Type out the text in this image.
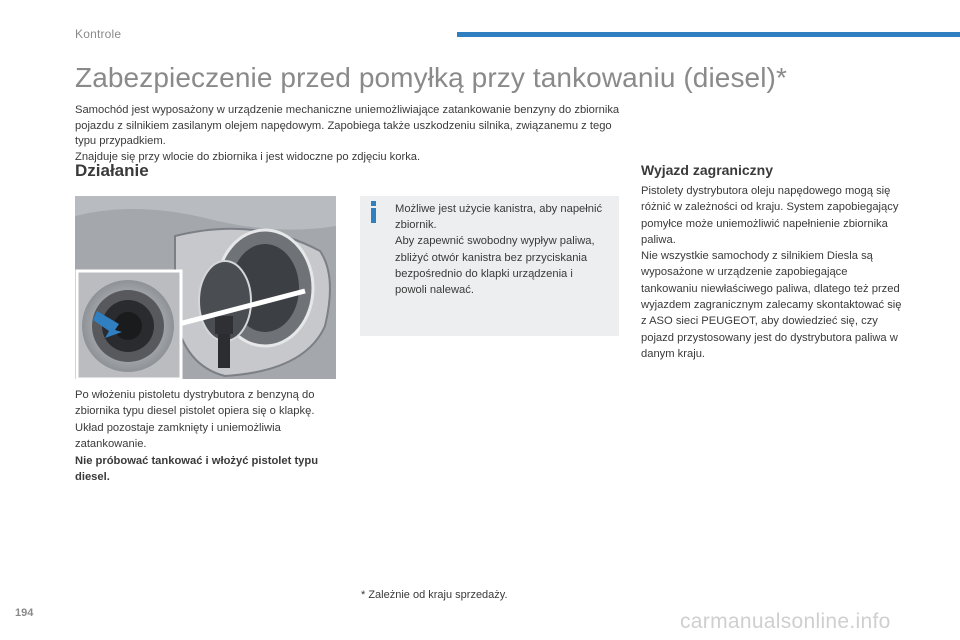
Kontrole
Zabezpieczenie przed pomyłką przy tankowaniu (diesel)*

Samochód jest wyposażony w urządzenie mechaniczne uniemożliwiające zatankowanie benzyny do zbiornika pojazdu z silnikiem zasilanym olejem napędowym. Zapobiega także uszkodzeniu silnika, związanemu z tego typu przypadkiem.

Znajduje się przy wlocie do zbiornika i jest widoczne po zdjęciu korka.

Działanie

Po włożeniu pistoletu dystrybutora z benzyną do zbiornika typu diesel pistolet opiera się o klapkę. Układ pozostaje zamknięty i uniemożliwia zatankowanie.

Nie próbować tankować i włożyć pistolet typu diesel.

Możliwe jest użycie kanistra, aby napełnić zbiornik.

Aby zapewnić swobodny wypływ paliwa, zbliżyć otwór kanistra bez przyciskania bezpośrednio do klapki urządzenia i powoli nalewać.

Wyjazd zagraniczny

Pistolety dystrybutora oleju napędowego mogą się różnić w zależności od kraju. System zapobiegający pomyłce może uniemożliwić napełnienie zbiornika paliwa.

Nie wszystkie samochody z silnikiem Diesla są wyposażone w urządzenie zapobiegające tankowaniu niewłaściwego paliwa, dlatego też przed wyjazdem zagranicznym zalecamy skontaktować się z ASO sieci PEUGEOT, aby dowiedzieć się, czy pojazd przystosowany jest do dystrybutora paliwa w danym kraju.

* Zależnie od kraju sprzedaży.
194	carmanualsonline.info
